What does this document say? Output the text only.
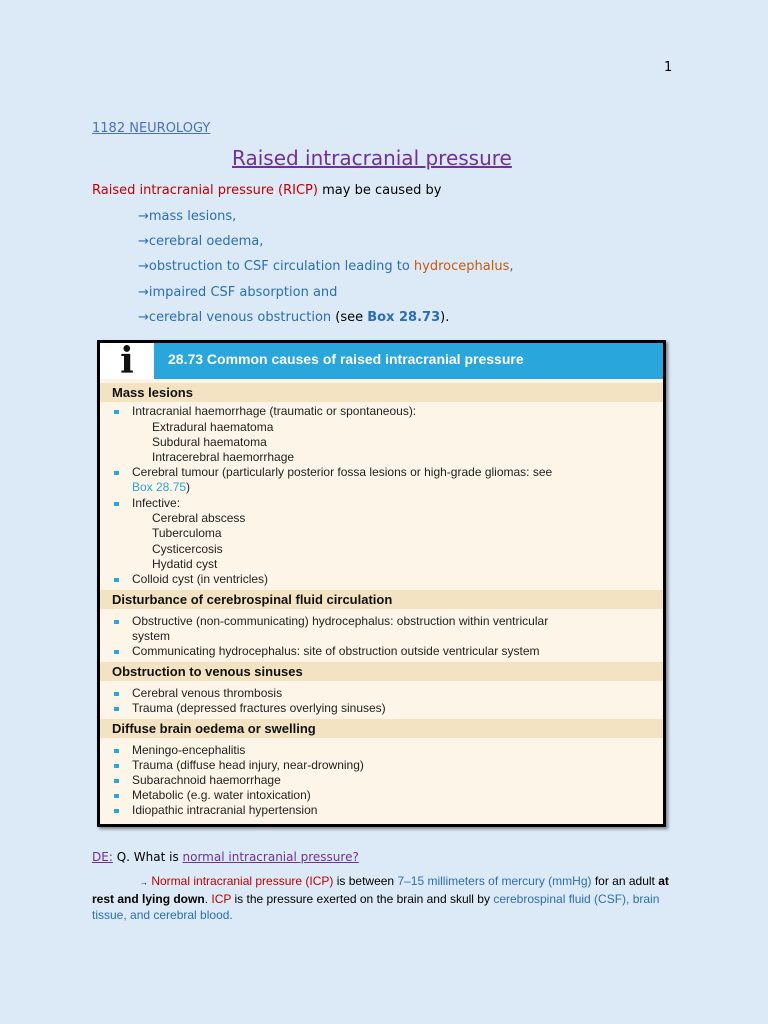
1
1182 NEUROLOGY
Raised intracranial pressure
Raised intracranial pressure (RICP) may be caused by
→mass lesions,
→cerebral oedema,
→obstruction to CSF circulation leading to hydrocephalus,
→impaired CSF absorption and
→cerebral venous obstruction (see Box 28.73).
i	28.73 Common causes of raised intracranial pressure
Mass lesions
Intracranial haemorrhage (traumatic or spontaneous):
Extradural haematoma
Subdural haematoma
Intracerebral haemorrhage
Cerebral tumour (particularly posterior fossa lesions or high-grade gliomas: see
Box 28.75)
Infective:
Cerebral abscess
Tuberculoma
Cysticercosis
Hydatid cyst
Colloid cyst (in ventricles)
Disturbance of cerebrospinal fluid circulation
Obstructive (non-communicating) hydrocephalus: obstruction within ventricular
system
Communicating hydrocephalus: site of obstruction outside ventricular system
Obstruction to venous sinuses
Cerebral venous thrombosis
Trauma (depressed fractures overlying sinuses)
Diffuse brain oedema or swelling
Meningo-encephalitis
Trauma (diffuse head injury, near-drowning)
Subarachnoid haemorrhage
Metabolic (e.g. water intoxication)
Idiopathic intracranial hypertension
DE: Q. What is normal intracranial pressure?
→ Normal intracranial pressure (ICP) is between 7–15 millimeters of mercury (mmHg) for an adult at rest and lying down. ICP is the pressure exerted on the brain and skull by cerebrospinal fluid (CSF), brain tissue, and cerebral blood.
